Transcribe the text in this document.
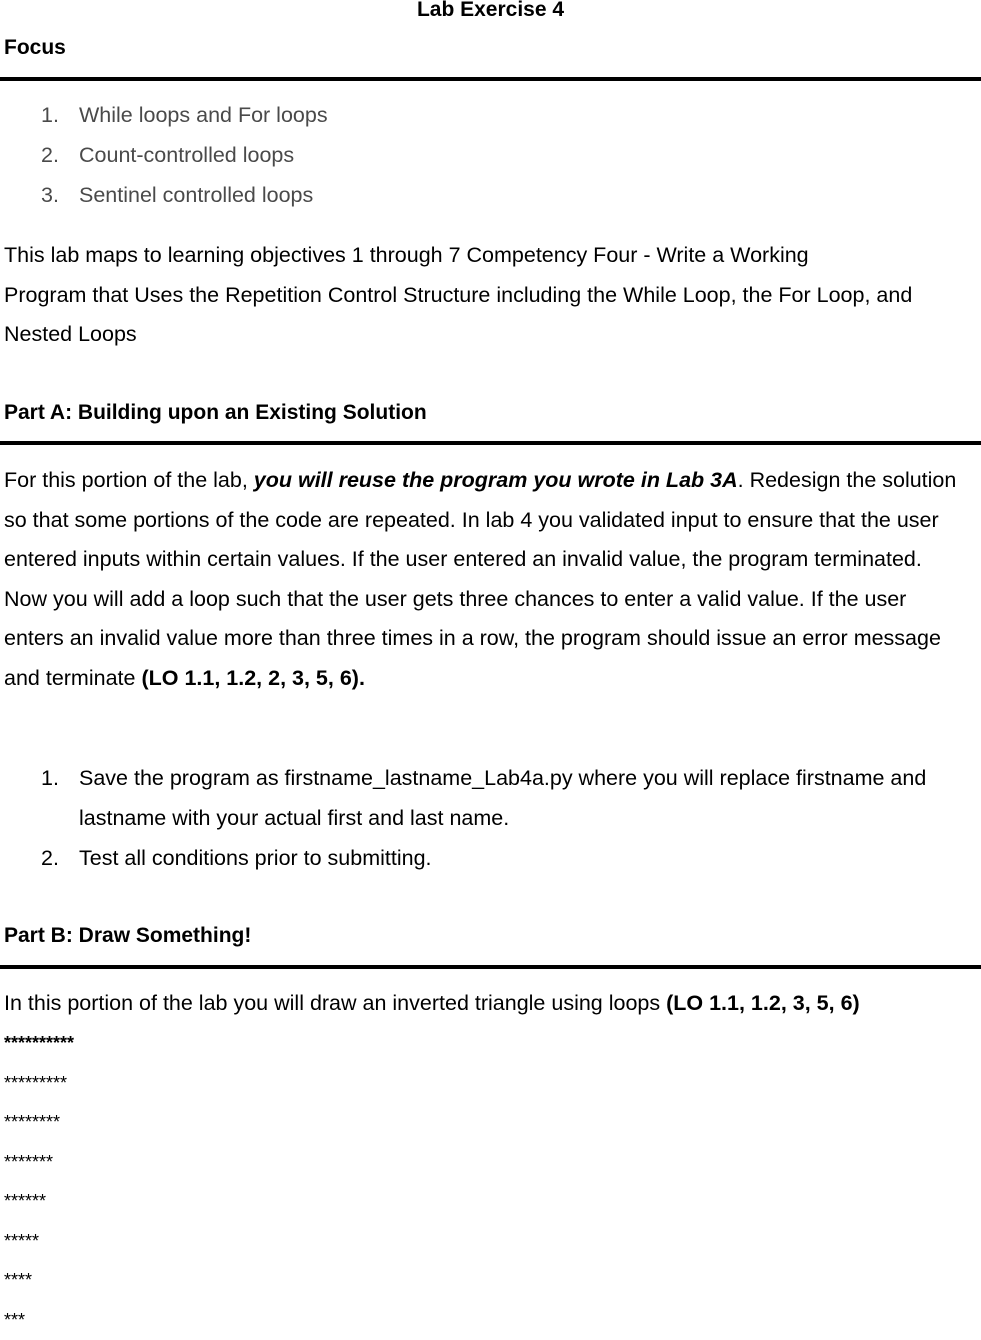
Lab Exercise 4
Focus
1. While loops and For loops
2. Count-controlled loops
3. Sentinel controlled loops
This lab maps to learning objectives 1 through 7 Competency Four - Write a Working
Program that Uses the Repetition Control Structure including the While Loop, the For Loop, and
Nested Loops
Part A: Building upon an Existing Solution

For this portion of the lab, you will reuse the program you wrote in Lab 3A. Redesign the solution so that some portions of the code are repeated. In lab 4 you validated input to ensure that the user entered inputs within certain values. If the user entered an invalid value, the program terminated. Now you will add a loop such that the user gets three chances to enter a valid value. If the user enters an invalid value more than three times in a row, the program should issue an error message and terminate (LO 1.1, 1.2, 2, 3, 5, 6).

1. Save the program as firstname_lastname_Lab4a.py where you will replace firstname and lastname with your actual first and last name.
2. Test all conditions prior to submitting.
Part B: Draw Something!

In this portion of the lab you will draw an inverted triangle using loops (LO 1.1, 1.2, 3, 5, 6)

**********
*********
********
*******
******
*****
****
***
